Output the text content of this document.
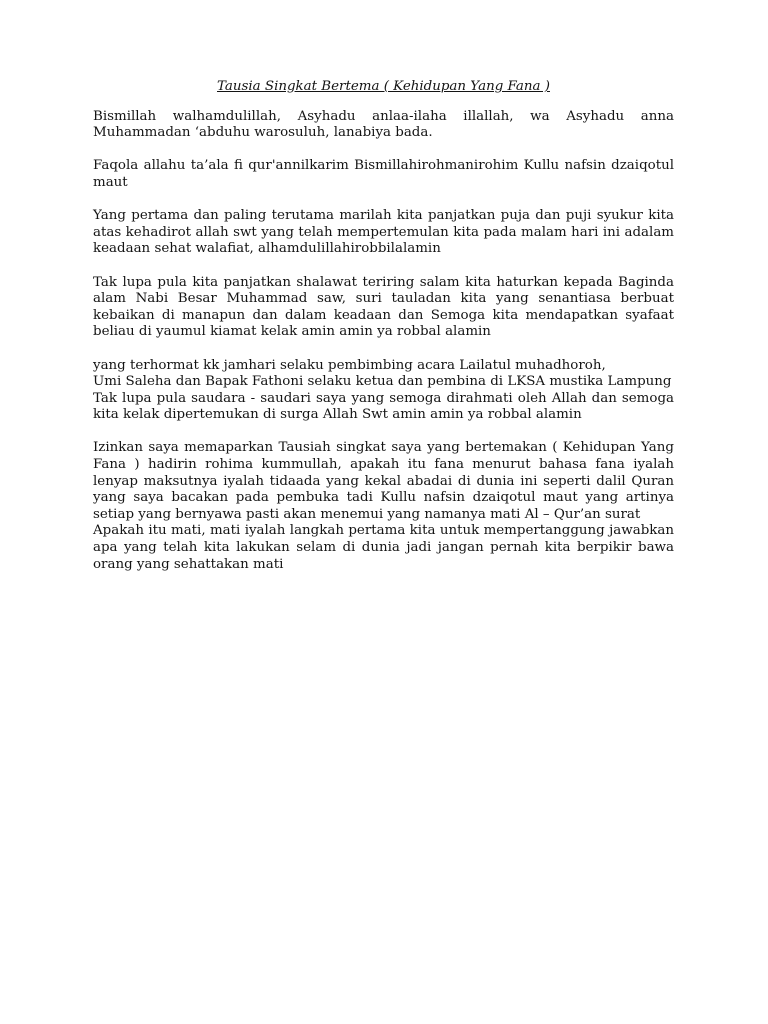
Tausia Singkat Bertema ( Kehidupan Yang Fana )

Bismillah walhamdulillah, Asyhadu anlaa-ilaha illallah, wa Asyhadu anna Muhammadan ‘abduhu warosuluh, lanabiya bada.

Faqola allahu ta’ala fi qur'annilkarim Bismillahirohmanirohim Kullu nafsin dzaiqotul maut

Yang pertama dan paling terutama marilah kita panjatkan puja dan puji syukur kita atas kehadirot allah swt yang telah mempertemulan kita pada malam hari ini adalam keadaan sehat walafiat, alhamdulillahirobbilalamin

Tak lupa pula kita panjatkan shalawat teriring salam kita haturkan kepada Baginda alam Nabi Besar Muhammad saw, suri tauladan kita yang senantiasa berbuat kebaikan di manapun dan dalam keadaan dan Semoga kita mendapatkan syafaat beliau di yaumul kiamat kelak amin amin ya robbal alamin

yang terhormat kk jamhari selaku pembimbing acara Lailatul muhadhoroh,

Umi Saleha dan Bapak Fathoni selaku ketua dan pembina di LKSA mustika Lampung

Tak lupa pula saudara - saudari saya yang semoga dirahmati oleh Allah dan semoga kita kelak dipertemukan di surga Allah Swt amin amin ya robbal alamin

Izinkan saya memaparkan Tausiah singkat saya yang bertemakan ( Kehidupan Yang Fana ) hadirin rohima kummullah, apakah itu fana menurut bahasa fana iyalah lenyap maksutnya iyalah tidaada yang kekal abadai di dunia ini seperti dalil Quran yang saya bacakan pada pembuka tadi Kullu nafsin dzaiqotul maut yang artinya setiap yang bernyawa pasti akan menemui yang namanya mati Al – Qur’an surat

Apakah itu mati, mati iyalah langkah pertama kita untuk mempertanggung jawabkan apa yang telah kita lakukan selam di dunia jadi jangan pernah kita berpikir bawa orang yang sehattakan mati
